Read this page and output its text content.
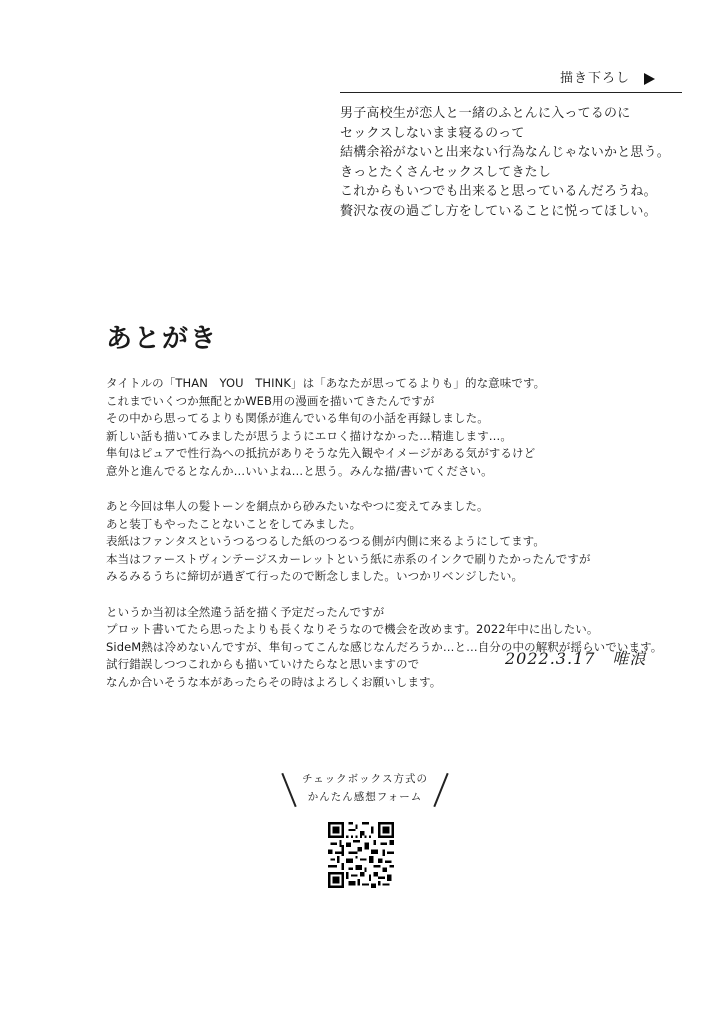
描き下ろし

男子高校生が恋人と一緒のふとんに入ってるのに

セックスしないまま寝るのって

結構余裕がないと出来ない行為なんじゃないかと思う。

きっとたくさんセックスしてきたし

これからもいつでも出来ると思っているんだろうね。

贅沢な夜の過ごし方をしていることに悦ってほしい。

あとがき

タイトルの「THAN　YOU　THINK」は「あなたが思ってるよりも」的な意味です。

これまでいくつか無配とかWEB用の漫画を描いてきたんですが

その中から思ってるよりも関係が進んでいる隼旬の小話を再録しました。

新しい話も描いてみましたが思うようにエロく描けなかった…精進します…。

隼旬はピュアで性行為への抵抗がありそうな先入観やイメージがある気がするけど

意外と進んでるとなんか…いいよね…と思う。みんな描/書いてください。

あと今回は隼人の髪トーンを網点から砂みたいなやつに変えてみました。

あと装丁もやったことないことをしてみました。

表紙はファンタスというつるつるした紙のつるつる側が内側に来るようにしてます。

本当はファーストヴィンテージスカーレットという紙に赤系のインクで刷りたかったんですが

みるみるうちに締切が過ぎて行ったので断念しました。いつかリベンジしたい。

というか当初は全然違う話を描く予定だったんですが

プロット書いてたら思ったよりも長くなりそうなので機会を改めます。2022年中に出したい。

SideM熱は冷めないんですが、隼旬ってこんな感じなんだろうか…と…自分の中の解釈が揺らいでいます。

試行錯誤しつつこれからも描いていけたらなと思いますので

なんか合いそうな本があったらその時はよろしくお願いします。

2022.3.17　唯浪

チェックボックス方式の

かんたん感想フォーム
